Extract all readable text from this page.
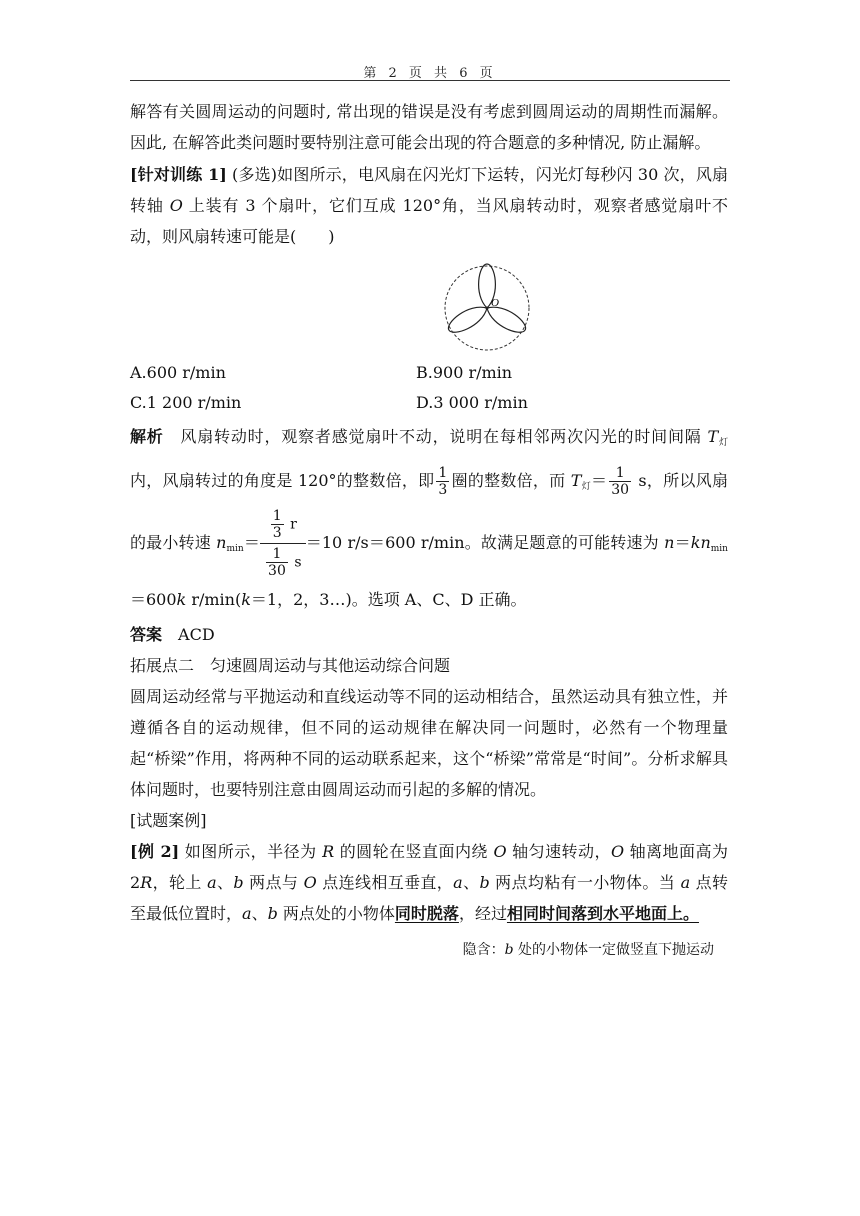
第 2 页 共 6 页

解答有关圆周运动的问题时, 常出现的错误是没有考虑到圆周运动的周期性而漏解。因此, 在解答此类问题时要特别注意可能会出现的符合题意的多种情况, 防止漏解。

[针对训练 1] (多选)如图所示，电风扇在闪光灯下运转，闪光灯每秒闪 30 次，风扇转轴 O 上装有 3 个扇叶，它们互成 120°角，当风扇转动时，观察者感觉扇叶不动，则风扇转速可能是(　　)

O
A.600 r/min	B.900 r/min
C.1 200 r/min	D.3 000 r/min

解析　风扇转动时，观察者感觉扇叶不动，说明在每相邻两次闪光的时间间隔 $T_灯$内，风扇转过的角度是 120°的整数倍，即 $\frac{1}{3}$ 圈的整数倍，而 $T_灯= \frac{1}{30}$ s，所以风扇的最小转速 $n_{min}= \frac{\frac{1}{3} r}{\frac{1}{30} s} =10$ r/s＝600 r/min。故满足题意的可能转速为 $n=kn_{min}=600k$ r/min(k＝1，2，3…)。选项 A、C、D 正确。

答案　ACD

拓展点二　匀速圆周运动与其他运动综合问题

圆周运动经常与平抛运动和直线运动等不同的运动相结合，虽然运动具有独立性，并遵循各自的运动规律，但不同的运动规律在解决同一问题时，必然有一个物理量起“桥梁”作用，将两种不同的运动联系起来，这个“桥梁”常常是“时间”。分析求解具体问题时，也要特别注意由圆周运动而引起的多解的情况。

[试题案例]

[例 2] 如图所示，半径为 R 的圆轮在竖直面内绕 O 轴匀速转动，O 轴离地面高为 2R，轮上 a、b 两点与 O 点连线相互垂直，a、b 两点均粘有一小物体。当 a 点转至最低位置时，a、b 两点处的小物体同时脱落，经过相同时间落到水平地面上。

隐含：b 处的小物体一定做竖直下抛运动
